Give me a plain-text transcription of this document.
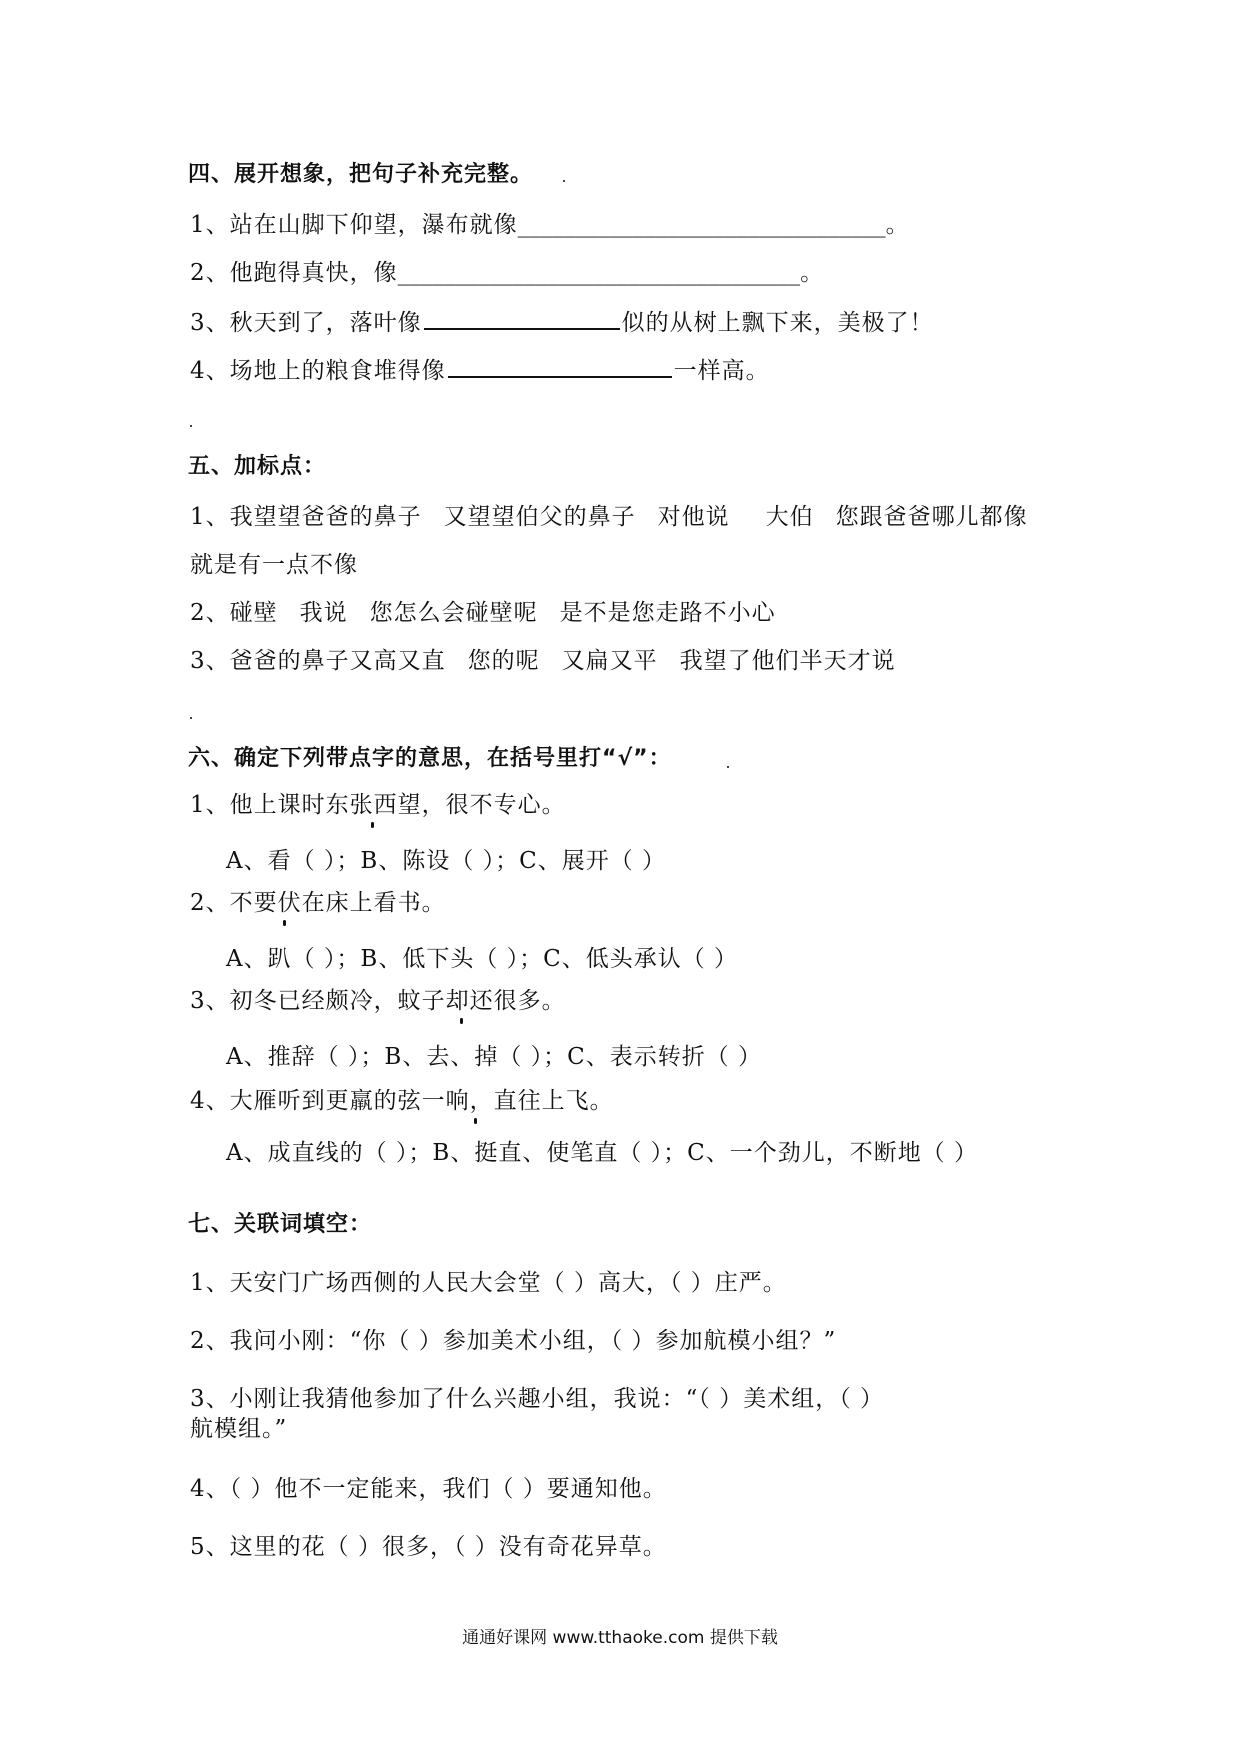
四、展开想象，把句子补充完整。
1、站在山脚下仰望，瀑布就像________________________________。
2、他跑得真快，像___________________________________。
3、秋天到了，落叶像	似的从树上飘下来，美极了！
4、场地上的粮食堆得像	一样高。
五、加标点：
1、我望望爸爸的鼻子 又望望伯父的鼻子 对他说 大伯 您跟爸爸哪儿都像
就是有一点不像
2、碰壁 我说 您怎么会碰壁呢 是不是您走路不小心
3、爸爸的鼻子又高又直 您的呢 又扁又平 我望了他们半天才说
六、确定下列带点字的意思，在括号里打“√”：
1、他上课时东张西望，很不专心。
A、看（ ）；B、陈设（ ）；C、展开（ ）
2、不要伏在床上看书。
A、趴（ ）；B、低下头（ ）；C、低头承认（ ）
3、初冬已经颇冷，蚊子却还很多。
A、推辞（ ）；B、去、掉（ ）；C、表示转折（ ）
4、大雁听到更羸的弦一响，直往上飞。
A、成直线的（ ）；B、挺直、使笔直（ ）；C、一个劲儿，不断地（ ）
七、关联词填空：
1、天安门广场西侧的人民大会堂（ ）高大，（ ）庄严。
2、我问小刚：“你（ ）参加美术小组，（ ）参加航模小组？”
3、小刚让我猜他参加了什么兴趣小组，我说：“（ ）美术组，（ ）
航模组。”
4、（ ）他不一定能来，我们（ ）要通知他。
5、这里的花（ ）很多，（ ）没有奇花异草。
通通好课网 www.tthaoke.com 提供下载
